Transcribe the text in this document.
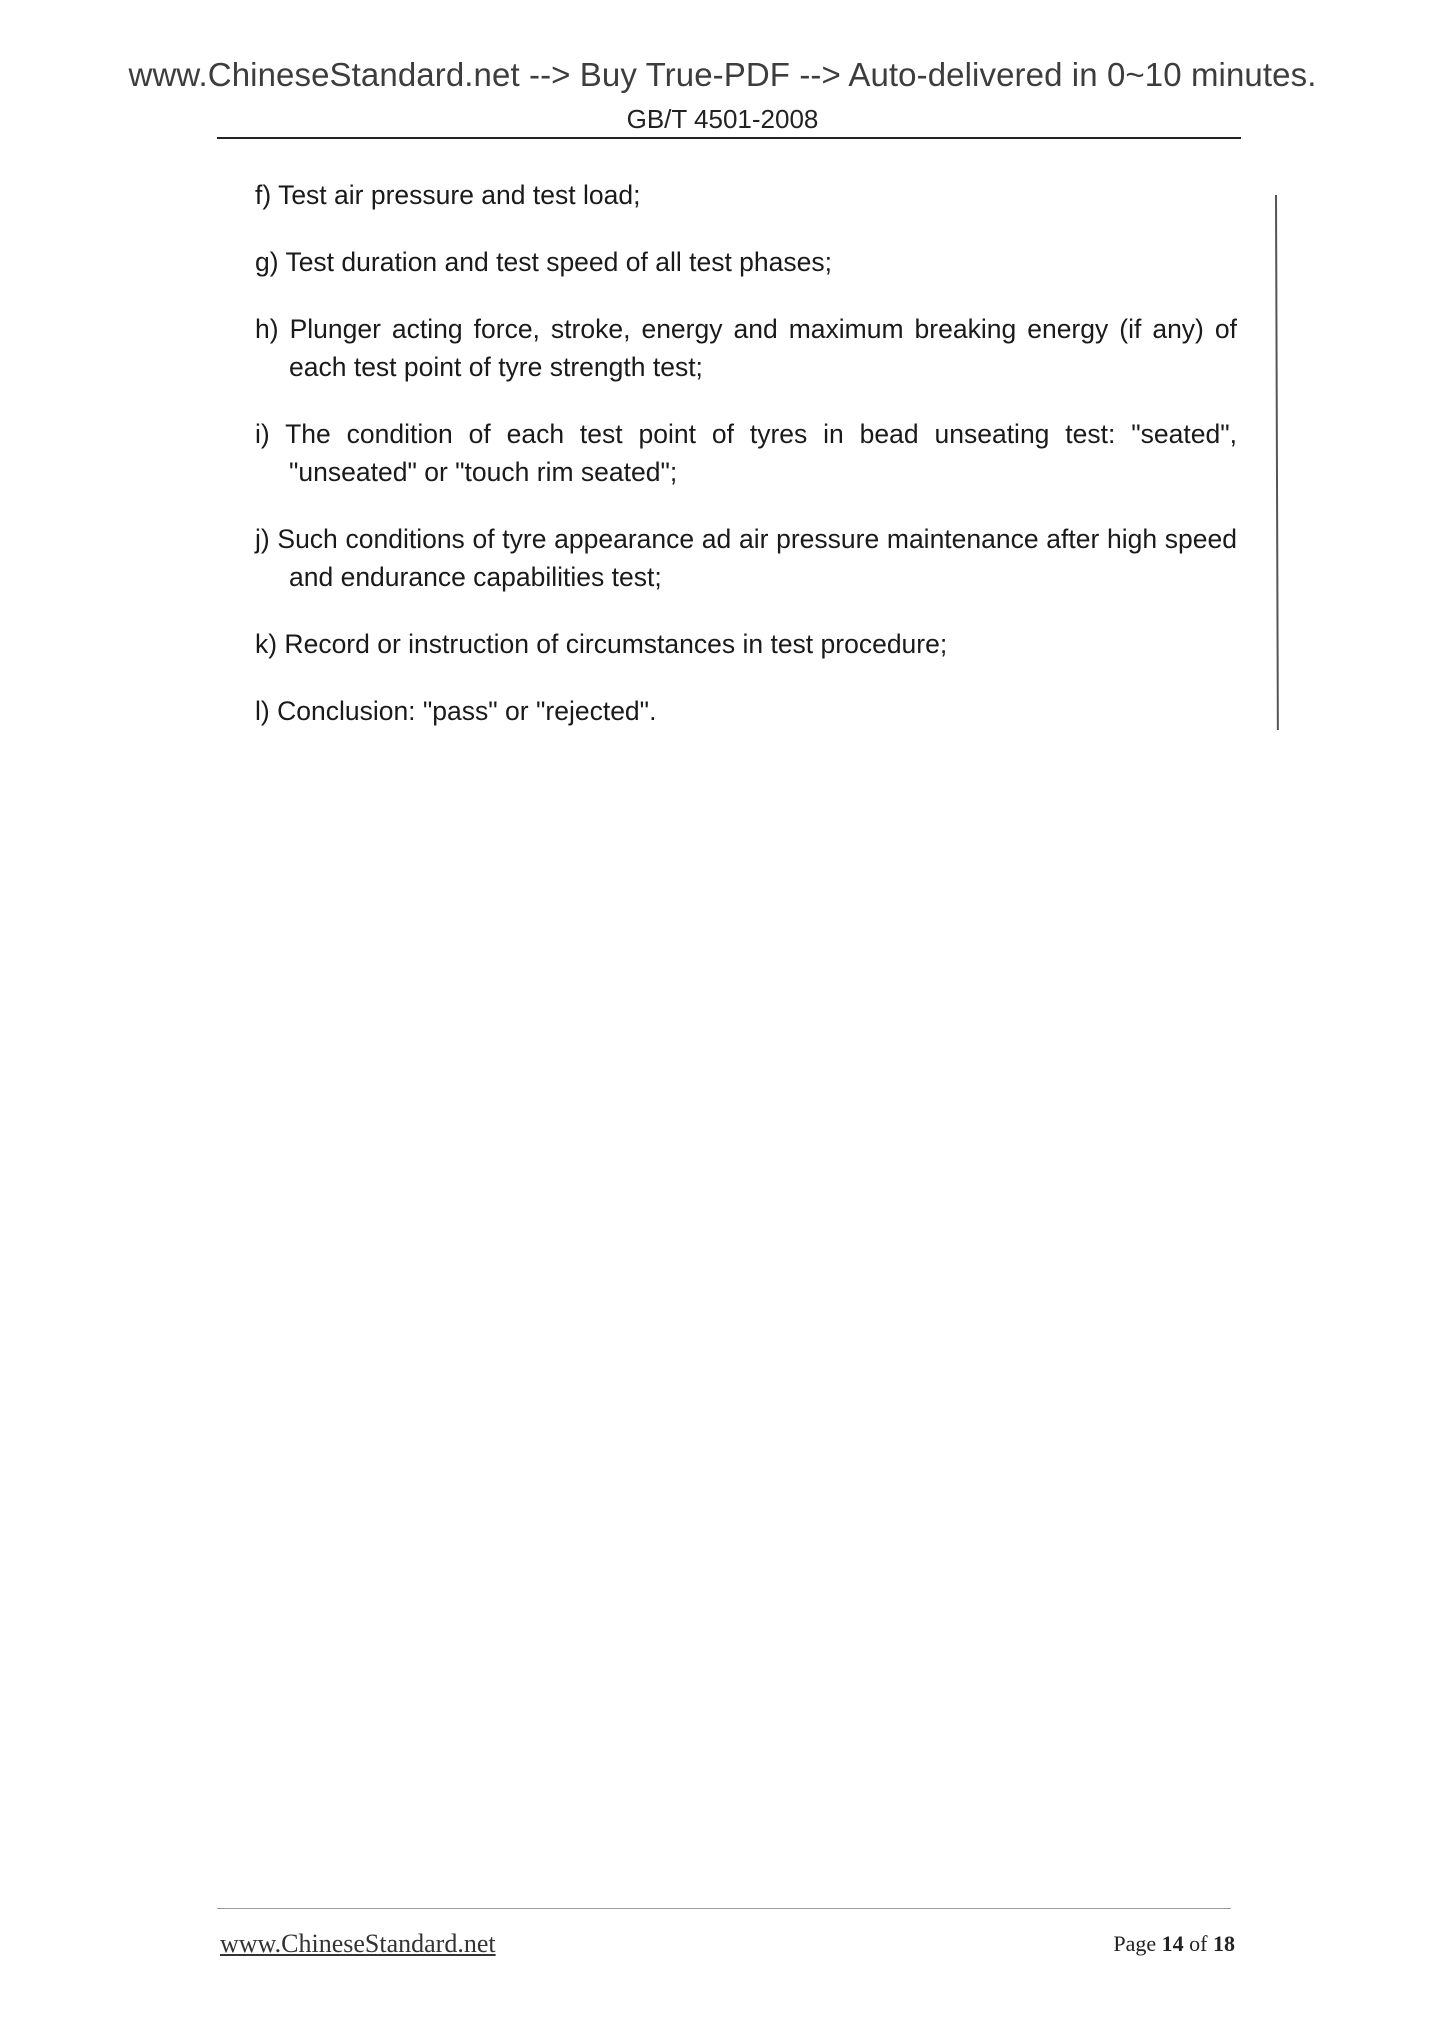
www.ChineseStandard.net --> Buy True-PDF --> Auto-delivered in 0~10 minutes.
GB/T 4501-2008

f) Test air pressure and test load;

g) Test duration and test speed of all test phases;

h) Plunger acting force, stroke, energy and maximum breaking energy (if any) of each test point of tyre strength test;

i) The condition of each test point of tyres in bead unseating test: "seated", "unseated" or "touch rim seated";

j) Such conditions of tyre appearance ad air pressure maintenance after high speed and endurance capabilities test;

k) Record or instruction of circumstances in test procedure;

l) Conclusion: "pass" or "rejected".

www.ChineseStandard.net	Page 14 of 18
